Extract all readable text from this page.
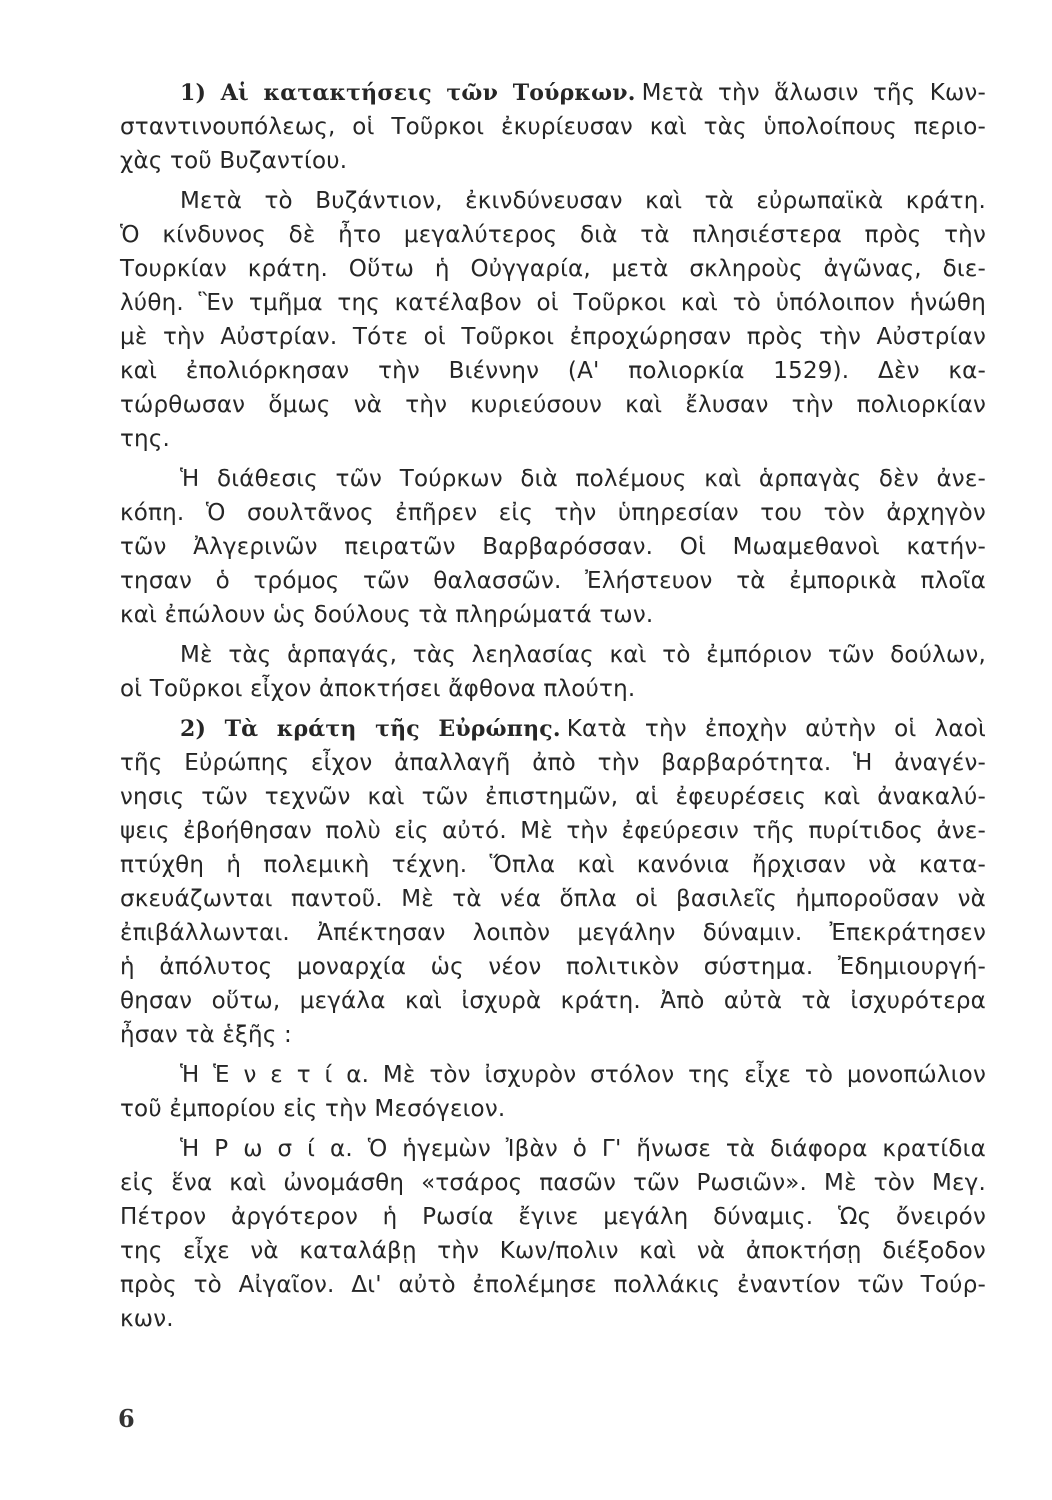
1) Αἱ κατακτήσεις τῶν Τούρκων. Μετὰ τὴν ἅλωσιν τῆς Κων-
σταντινουπόλεως, οἱ Τοῦρκοι ἐκυρίευσαν καὶ τὰς ὑπολοίπους περιο-
χὰς τοῦ Βυζαντίου.
Μετὰ τὸ Βυζάντιον, ἐκινδύνευσαν καὶ τὰ εὐρωπαϊκὰ κράτη.
Ὁ κίνδυνος δὲ ἦτο μεγαλύτερος διὰ τὰ πλησιέστερα πρὸς τὴν
Τουρκίαν κράτη. Οὕτω ἡ Οὐγγαρία, μετὰ σκληροὺς ἀγῶνας, διε-
λύθη. Ἓν τμῆμα της κατέλαβον οἱ Τοῦρκοι καὶ τὸ ὑπόλοιπον ἡνώθη
μὲ τὴν Αὐστρίαν. Τότε οἱ Τοῦρκοι ἐπροχώρησαν πρὸς τὴν Αὐστρίαν
καὶ ἐπολιόρκησαν τὴν Βιέννην (Α' πολιορκία 1529). Δὲν κα-
τώρθωσαν ὅμως νὰ τὴν κυριεύσουν καὶ ἔλυσαν τὴν πολιορκίαν
της.
Ἡ διάθεσις τῶν Τούρκων διὰ πολέμους καὶ ἁρπαγὰς δὲν ἀνε-
κόπη. Ὁ σουλτᾶνος ἐπῆρεν εἰς τὴν ὑπηρεσίαν του τὸν ἀρχηγὸν
τῶν Ἀλγερινῶν πειρατῶν Βαρβαρόσσαν. Οἱ Μωαμεθανοὶ κατήν-
τησαν ὁ τρόμος τῶν θαλασσῶν. Ἐλήστευον τὰ ἐμπορικὰ πλοῖα
καὶ ἐπώλουν ὡς δούλους τὰ πληρώματά των.
Μὲ τὰς ἁρπαγάς, τὰς λεηλασίας καὶ τὸ ἐμπόριον τῶν δούλων,
οἱ Τοῦρκοι εἶχον ἀποκτήσει ἄφθονα πλούτη.
2) Τὰ κράτη τῆς Εὐρώπης. Κατὰ τὴν ἐποχὴν αὐτὴν οἱ λαοὶ
τῆς Εὐρώπης εἶχον ἀπαλλαγῆ ἀπὸ τὴν βαρβαρότητα. Ἡ ἀναγέν-
νησις τῶν τεχνῶν καὶ τῶν ἐπιστημῶν, αἱ ἐφευρέσεις καὶ ἀνακαλύ-
ψεις ἐβοήθησαν πολὺ εἰς αὐτό. Μὲ τὴν ἐφεύρεσιν τῆς πυρίτιδος ἀνε-
πτύχθη ἡ πολεμικὴ τέχνη. Ὅπλα καὶ κανόνια ἤρχισαν νὰ κατα-
σκευάζωνται παντοῦ. Μὲ τὰ νέα ὅπλα οἱ βασιλεῖς ἠμποροῦσαν νὰ
ἐπιβάλλωνται. Ἀπέκτησαν λοιπὸν μεγάλην δύναμιν. Ἐπεκράτησεν
ἡ ἀπόλυτος μοναρχία ὡς νέον πολιτικὸν σύστημα. Ἐδημιουργή-
θησαν οὕτω, μεγάλα καὶ ἰσχυρὰ κράτη. Ἀπὸ αὐτὰ τὰ ἰσχυρότερα
ἦσαν τὰ ἑξῆς :
Ἡ Ἑ ν ε τ ί α. Μὲ τὸν ἰσχυρὸν στόλον της εἶχε τὸ μονοπώλιον
τοῦ ἐμπορίου εἰς τὴν Μεσόγειον.
Ἡ Ρ ω σ ί α. Ὁ ἡγεμὼν Ἰβὰν ὁ Γ' ἥνωσε τὰ διάφορα κρατίδια
εἰς ἕνα καὶ ὠνομάσθη «τσάρος πασῶν τῶν Ρωσιῶν». Μὲ τὸν Μεγ.
Πέτρον ἀργότερον ἡ Ρωσία ἔγινε μεγάλη δύναμις. Ὡς ὄνειρόν
της εἶχε νὰ καταλάβῃ τὴν Κων/πολιν καὶ νὰ ἀποκτήσῃ διέξοδον
πρὸς τὸ Αἰγαῖον. Δι' αὐτὸ ἐπολέμησε πολλάκις ἐναντίον τῶν Τούρ-
κων.
6
